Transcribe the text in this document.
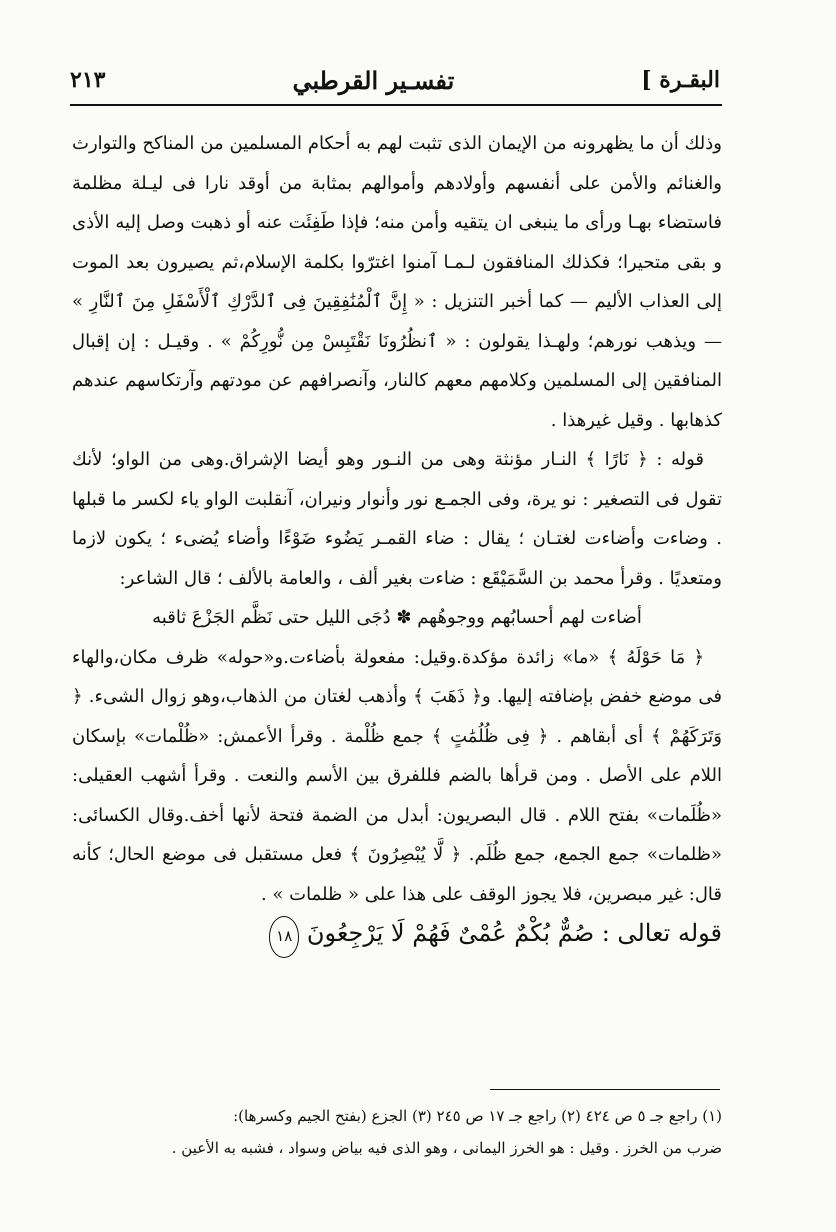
البقـرة ]
تفسـير القرطبي
٢١٣

وذلك أن ما يظهرونه من الإيمان الذى تثبت لهم به أحكام المسلمين من المناكح والتوارث والغنائم والأمن على أنفسهم وأولادهم وأموالهم بمثابة من أوقد نارا فى ليـلة مظلمة فاستضاء بهـا ورأى ما ينبغى ان يتقيه وأمن منه؛ فإذا طَفِئَت عنه أو ذهبت وصل إليه الأذى و بقى متحيرا؛ فكذلك المنافقون لـمـا آمنوا اغترّوا بكلمة الإسلام،ثم يصيرون بعد الموت إلى العذاب الأليم — كما أخبر التنزيل : « إِنَّ ٱلْمُنَٰفِقِينَ فِى ٱلدَّرْكِ ٱلْأَسْفَلِ مِنَ ٱلنَّارِ » — ويذهب نورهم؛ ولهـذا يقولون : « ٱنظُرُونَا نَقْتَبِسْ مِن نُّورِكُمْ » . وقيـل : إن إقبال المنافقين إلى المسلمين وكلامهم معهم كالنار، وآنصرافهم عن مودتهم وآرتكاسهم عندهم كذهابها . وقيل غيرهذا .

قوله : ﴿ نَارًا ﴾ النـار مؤنثة وهى من النـور وهو أيضا الإشراق.وهى من الواو؛ لأنك تقول فى التصغير : نو يرة، وفى الجمـع نور وأنوار ونيران، آنقلبت الواو ياء لكسر ما قبلها . وضاءت وأضاءت لغتـان ؛ يقال : ضاء القمـر يَضُوء ضَوْءًا وأضاء يُضىء ؛ يكون لازما ومتعديًا . وقرأ محمد بن السَّمَيْقَع : ضاءت بغير ألف ، والعامة بالألف ؛ قال الشاعر:

أضاءت لهم أحسابُهم ووجوهُهم ✽ دُجَى الليل حتى نَظَّم الجَزْعَ ثاقبه

﴿ مَا حَوْلَهُ ﴾ «ما» زائدة مؤكدة.وقيل: مفعولة بأضاءت.و«حوله» ظرف مكان،والهاء فى موضع خفض بإضافته إليها. و﴿ ذَهَبَ ﴾ وأذهب لغتان من الذهاب،وهو زوال الشىء. ﴿ وَتَرَكَهُمْ ﴾ أى أبقاهم . ﴿ فِى ظُلُمَٰتٍ ﴾ جمع ظُلْمة . وقرأ الأعمش: «ظُلْمات» بإسكان اللام على الأصل . ومن قرأها بالضم فللفرق بين الأسم والنعت . وقرأ أشهب العقيلى: «ظُلَمات» بفتح اللام . قال البصريون: أبدل من الضمة فتحة لأنها أخف.وقال الكسائى: «ظلمات» جمع الجمع، جمع ظُلَم. ﴿ لَّا يُبْصِرُونَ ﴾ فعل مستقبل فى موضع الحال؛ كأنه قال: غير مبصرين، فلا يجوز الوقف على هذا على « ظلمات » .

قوله تعالى : صُمٌّ بُكْمٌ عُمْىٌ فَهُمْ لَا يَرْجِعُونَ ١٨

(١) راجع جـ ٥ ص ٤٢٤ (٢) راجع جـ ١٧ ص ٢٤٥ (٣) الجزع (بفتح الجيم وكسرها):

ضرب من الخرز . وقيل : هو الخرز اليمانى ، وهو الذى فيه بياض وسواد ، فشبه به الأعين .
